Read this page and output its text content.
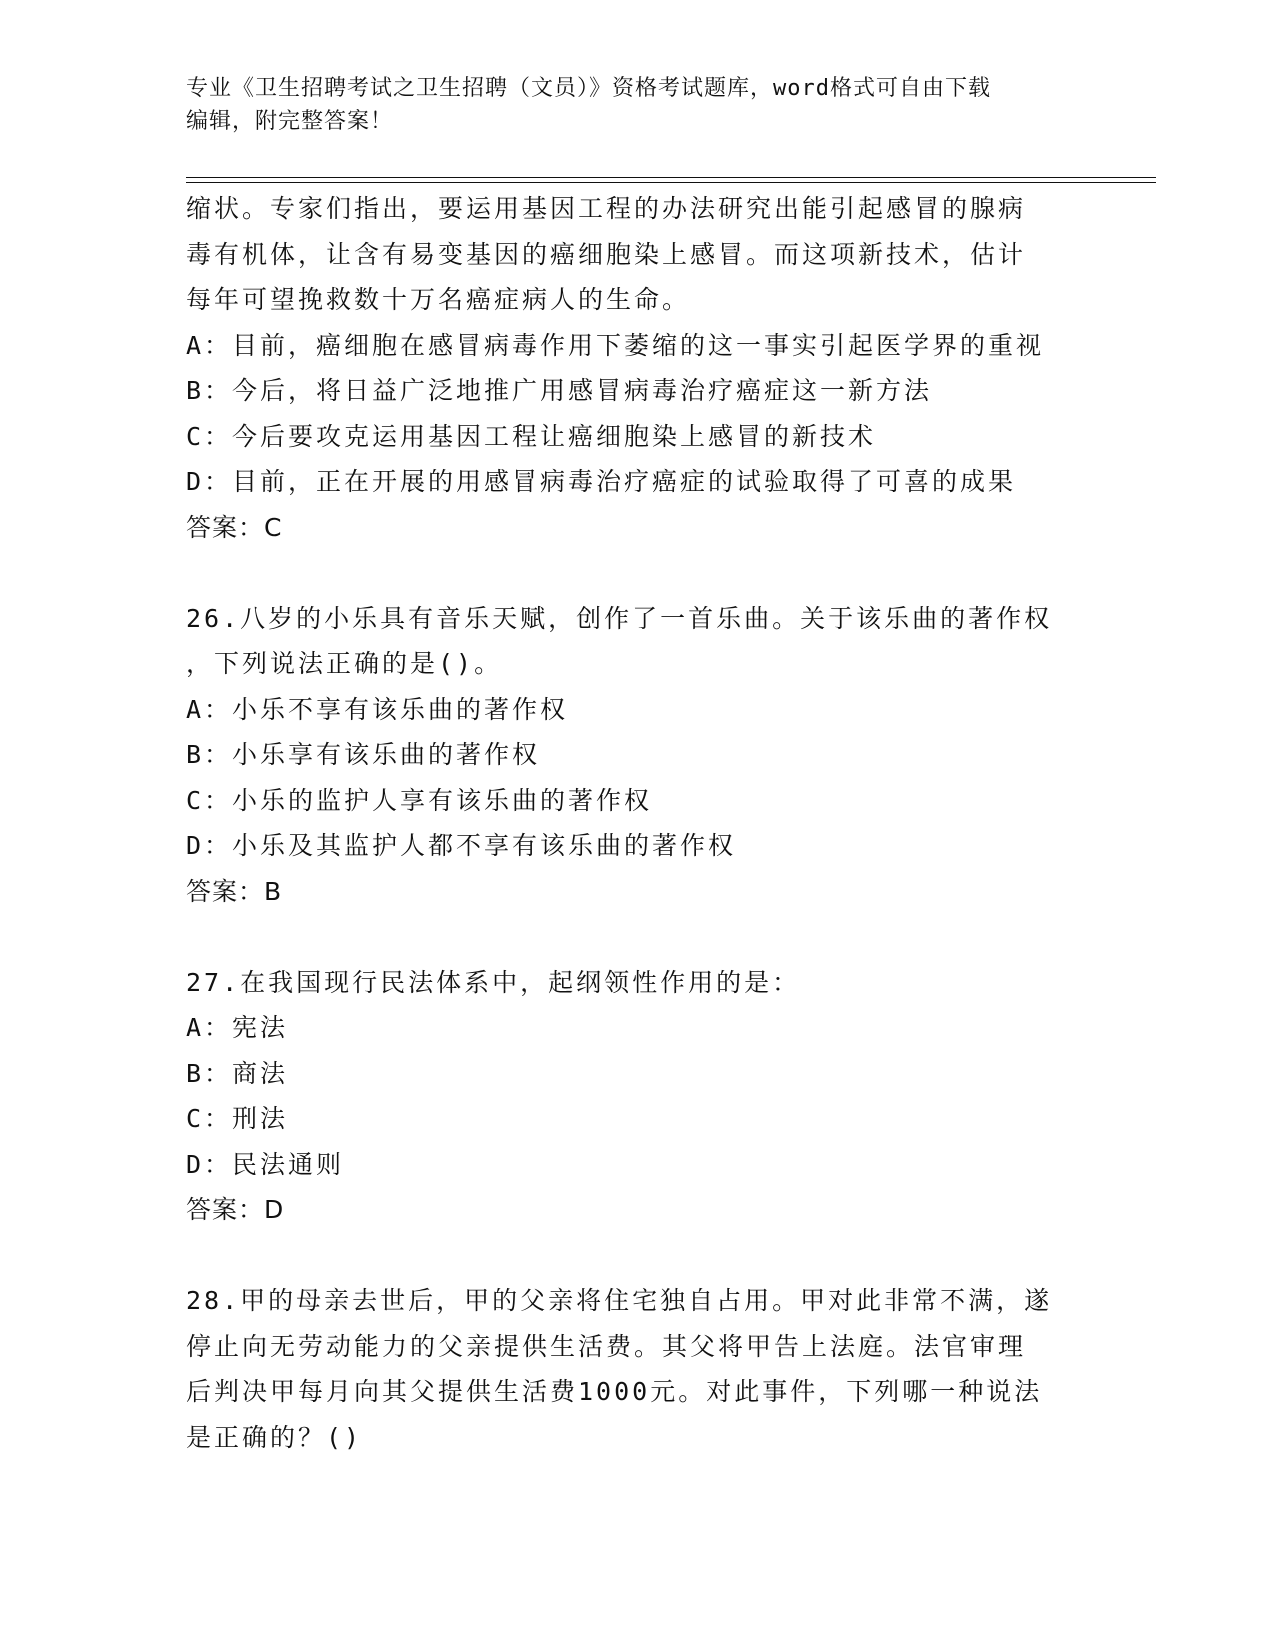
专业《卫生招聘考试之卫生招聘（文员）》资格考试题库，word格式可自由下载
编辑，附完整答案！
缩状。专家们指出，要运用基因工程的办法研究出能引起感冒的腺病
毒有机体，让含有易变基因的癌细胞染上感冒。而这项新技术，估计
每年可望挽救数十万名癌症病人的生命。
A：目前，癌细胞在感冒病毒作用下萎缩的这一事实引起医学界的重视
B：今后，将日益广泛地推广用感冒病毒治疗癌症这一新方法
C：今后要攻克运用基因工程让癌细胞染上感冒的新技术
D：目前，正在开展的用感冒病毒治疗癌症的试验取得了可喜的成果
答案：C
26.八岁的小乐具有音乐天赋，创作了一首乐曲。关于该乐曲的著作权
，下列说法正确的是()。
A：小乐不享有该乐曲的著作权
B：小乐享有该乐曲的著作权
C：小乐的监护人享有该乐曲的著作权
D：小乐及其监护人都不享有该乐曲的著作权
答案：B
27.在我国现行民法体系中，起纲领性作用的是：
A：宪法
B：商法
C：刑法
D：民法通则
答案：D
28.甲的母亲去世后，甲的父亲将住宅独自占用。甲对此非常不满，遂
停止向无劳动能力的父亲提供生活费。其父将甲告上法庭。法官审理
后判决甲每月向其父提供生活费1000元。对此事件，下列哪一种说法
是正确的？()
